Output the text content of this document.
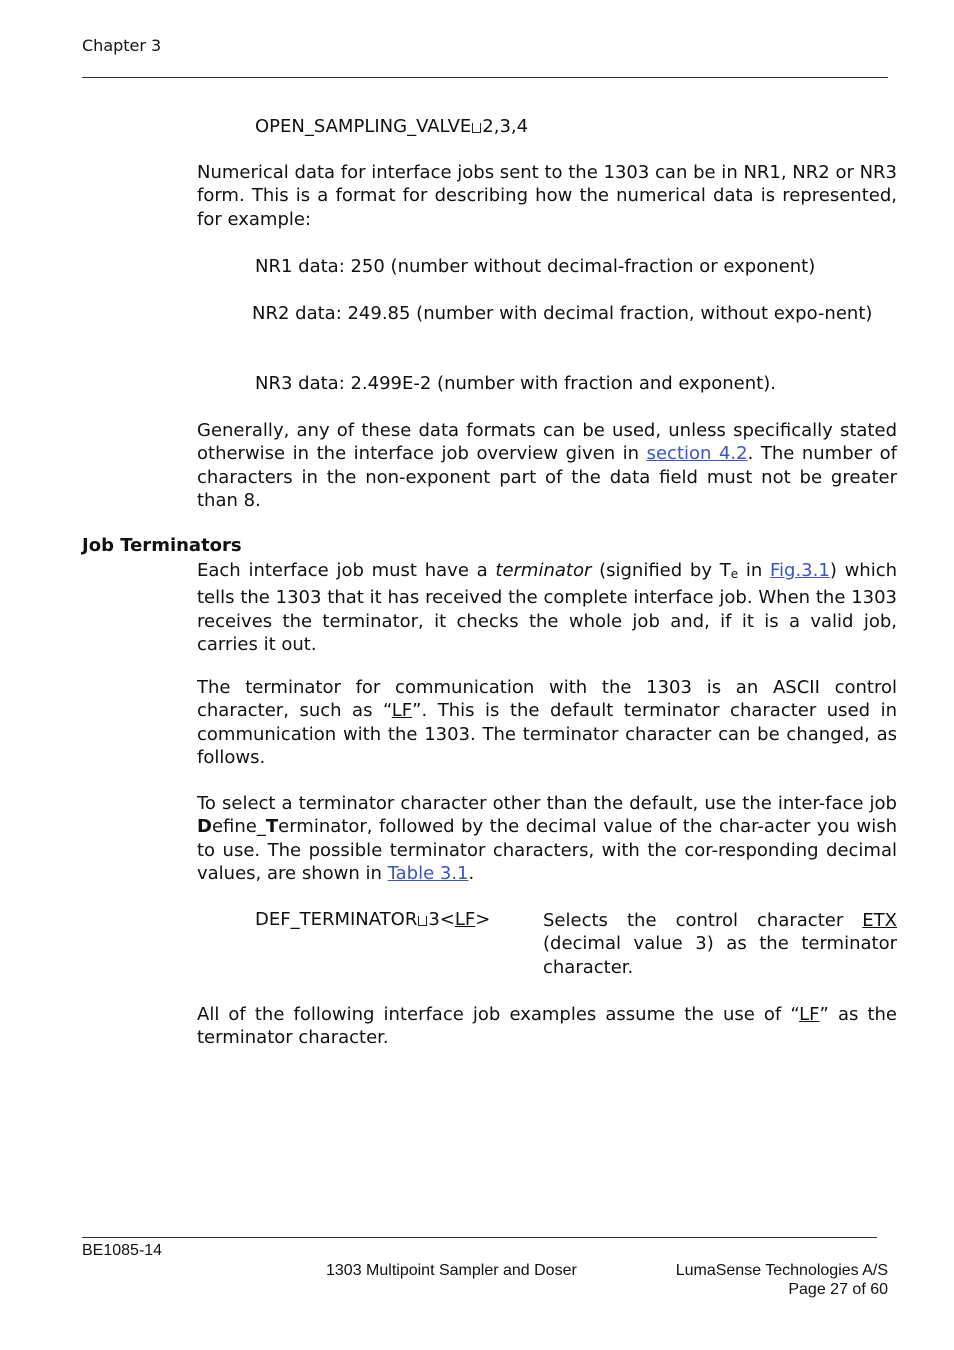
Chapter 3
OPEN_SAMPLING_VALVE 2,3,4
Numerical data for interface jobs sent to the 1303 can be in NR1, NR2 or NR3 form. This is a format for describing how the numerical data is represented, for example:
NR1 data: 250 (number without decimal-fraction or exponent)
NR2 data: 249.85 (number with decimal fraction, without expo-nent)
NR3 data: 2.499E-2 (number with fraction and exponent).
Generally, any of these data formats can be used, unless specifically stated otherwise in the interface job overview given in section 4.2. The number of characters in the non-exponent part of the data field must not be greater than 8.
Job Terminators
Each interface job must have a terminator (signified by Te in Fig.3.1) which tells the 1303 that it has received the complete interface job. When the 1303 receives the terminator, it checks the whole job and, if it is a valid job, carries it out.
The terminator for communication with the 1303 is an ASCII control character, such as “LF”. This is the default terminator character used in communication with the 1303. The terminator character can be changed, as follows.
To select a terminator character other than the default, use the inter-face job Define_Terminator, followed by the decimal value of the char-acter you wish to use. The possible terminator characters, with the cor-responding decimal values, are shown in Table 3.1.
DEF_TERMINATOR 3<LF>	Selects the control character ETX (decimal value 3) as the terminator character.
All of the following interface job examples assume the use of “LF” as the terminator character.
BE1085-14
1303 Multipoint Sampler and Doser	LumaSense Technologies A/S
Page 27 of 60
